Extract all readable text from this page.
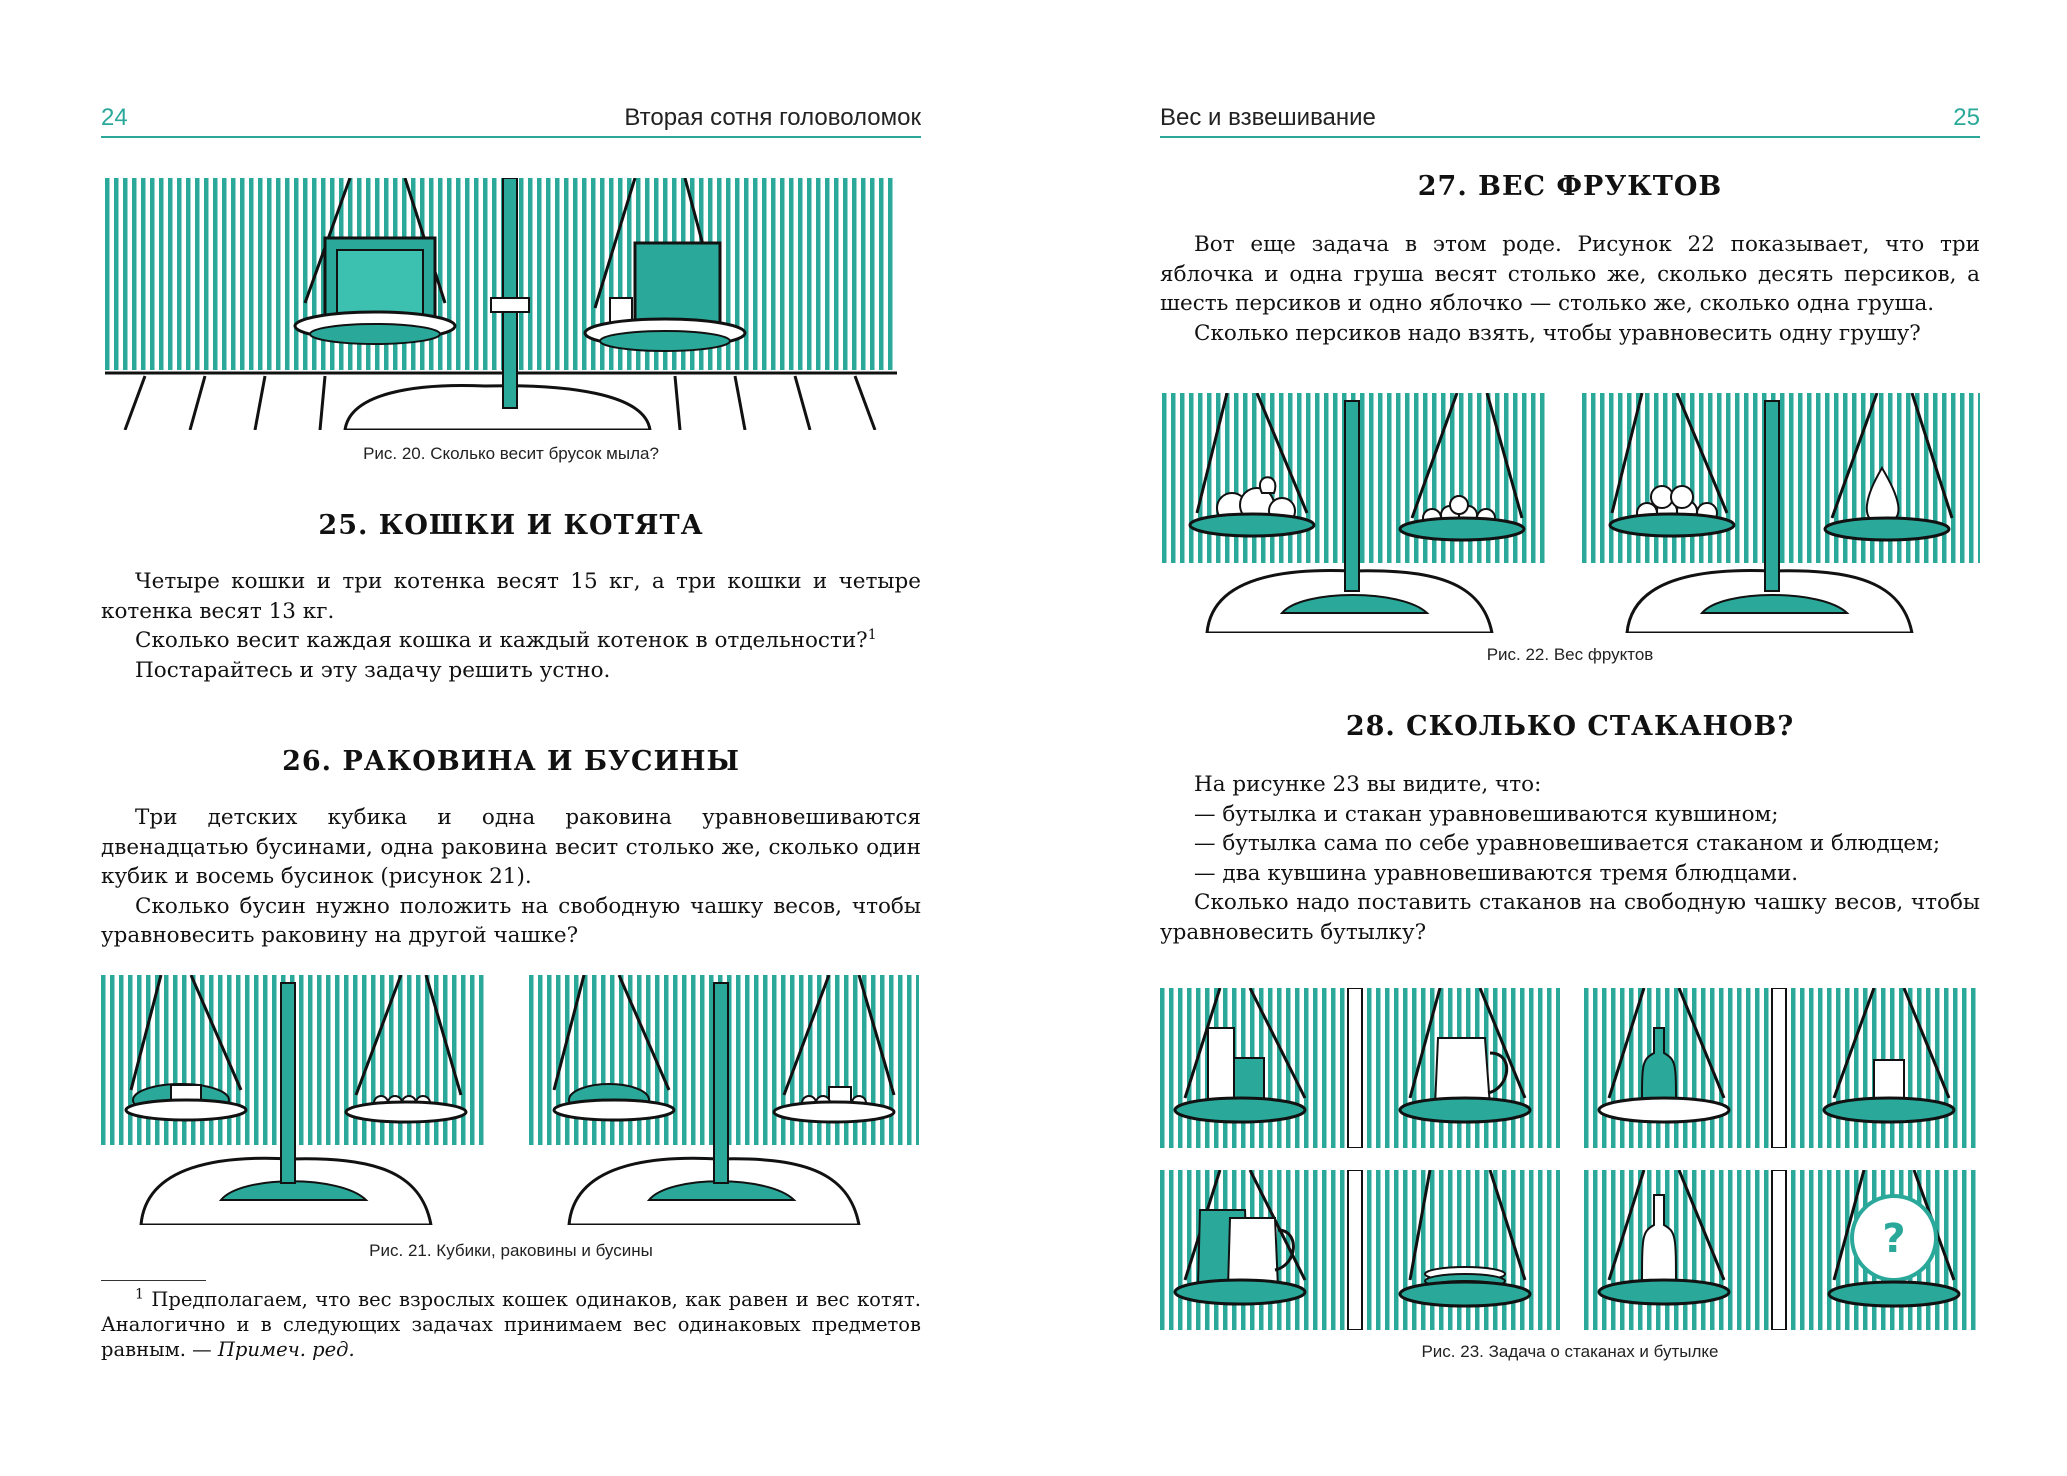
24	Вторая сотня головоломок
Рис. 20. Сколько весит брусок мыла?
25. КОШКИ И КОТЯТА

Четыре кошки и три котенка весят 15 кг, а три кошки и четыре котенка весят 13 кг.

Сколько весит каждая кошка и каждый котенок в отдельности?$^1$

Постарайтесь и эту задачу решить устно.

26. РАКОВИНА И БУСИНЫ

Три детских кубика и одна раковина уравновешиваются двенадцатью бусинами, одна раковина весит столько же, сколько один кубик и восемь бусинок (рисунок 21).

Сколько бусин нужно положить на свободную чашку весов, чтобы уравновесить раковину на другой чашке?

Рис. 21. Кубики, раковины и бусины

$^1$ Предполагаем, что вес взрослых кошек одинаков, как равен и вес котят. Аналогично и в следующих задачах принимаем вес одинаковых предметов равным. — Примеч. ред.

Вес и взвешивание	25
27. ВЕС ФРУКТОВ

Вот еще задача в этом роде. Рисунок 22 показывает, что три яблочка и одна груша весят столько же, сколько десять персиков, а шесть персиков и одно яблочко — столько же, сколько одна груша.

Сколько персиков надо взять, чтобы уравновесить одну грушу?

Рис. 22. Вес фруктов
28. СКОЛЬКО СТАКАНОВ?

На рисунке 23 вы видите, что:

— бутылка и стакан уравновешиваются кувшином;

— бутылка сама по себе уравновешивается стаканом и блюдцем;

— два кувшина уравновешиваются тремя блюдцами.

Сколько надо поставить стаканов на свободную чашку весов, чтобы уравновесить бутылку?

?
Рис. 23. Задача о стаканах и бутылке
